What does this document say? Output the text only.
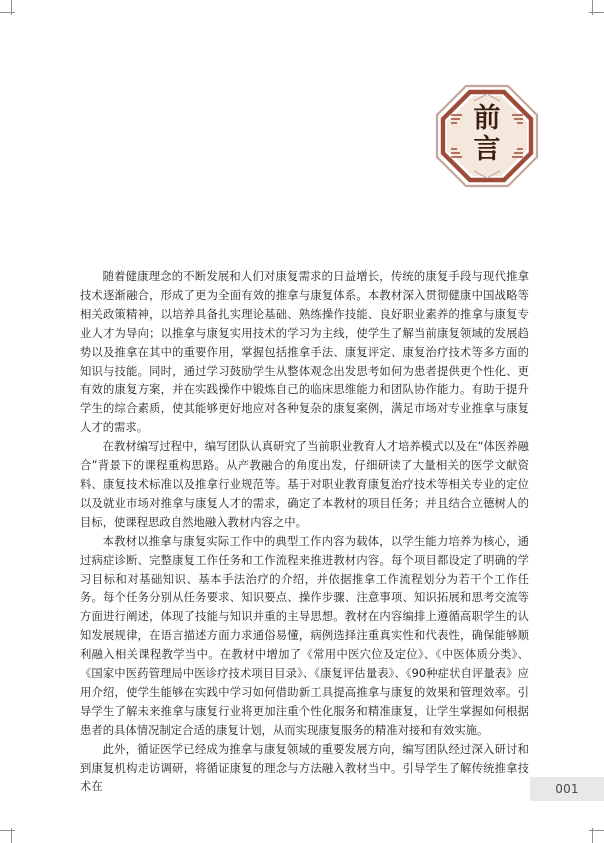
前
言

随着健康理念的不断发展和人们对康复需求的日益增长，传统的康复手段与现代推拿技术逐渐融合，形成了更为全面有效的推拿与康复体系。本教材深入贯彻健康中国战略等相关政策精神，以培养具备扎实理论基础、熟练操作技能、良好职业素养的推拿与康复专业人才为导向；以推拿与康复实用技术的学习为主线，使学生了解当前康复领域的发展趋势以及推拿在其中的重要作用，掌握包括推拿手法、康复评定、康复治疗技术等多方面的知识与技能。同时，通过学习鼓励学生从整体观念出发思考如何为患者提供更个性化、更有效的康复方案，并在实践操作中锻炼自己的临床思维能力和团队协作能力。有助于提升学生的综合素质，使其能够更好地应对各种复杂的康复案例，满足市场对专业推拿与康复人才的需求。

在教材编写过程中，编写团队认真研究了当前职业教育人才培养模式以及在“体医养融合”背景下的课程重构思路。从产教融合的角度出发，仔细研读了大量相关的医学文献资料、康复技术标准以及推拿行业规范等。基于对职业教育康复治疗技术等相关专业的定位以及就业市场对推拿与康复人才的需求，确定了本教材的项目任务；并且结合立德树人的目标，使课程思政自然地融入教材内容之中。

本教材以推拿与康复实际工作中的典型工作内容为载体，以学生能力培养为核心，通过病症诊断、完整康复工作任务和工作流程来推进教材内容。每个项目都设定了明确的学习目标和对基础知识、基本手法治疗的介绍，并依据推拿工作流程划分为若干个工作任务。每个任务分别从任务要求、知识要点、操作步骤、注意事项、知识拓展和思考交流等方面进行阐述，体现了技能与知识并重的主导思想。教材在内容编排上遵循高职学生的认知发展规律，在语言描述方面力求通俗易懂，病例选择注重真实性和代表性，确保能够顺利融入相关课程教学当中。在教材中增加了《常用中医穴位及定位》、《中医体质分类》、《国家中医药管理局中医诊疗技术项目目录》、《康复评估量表》、《90种症状自评量表》应用介绍，使学生能够在实践中学习如何借助新工具提高推拿与康复的效果和管理效率。引导学生了解未来推拿与康复行业将更加注重个性化服务和精准康复，让学生掌握如何根据患者的具体情况制定合适的康复计划，从而实现康复服务的精准对接和有效实施。

此外，循证医学已经成为推拿与康复领域的重要发展方向，编写团队经过深入研讨和到康复机构走访调研，将循证康复的理念与方法融入教材当中。引导学生了解传统推拿技术在	001
